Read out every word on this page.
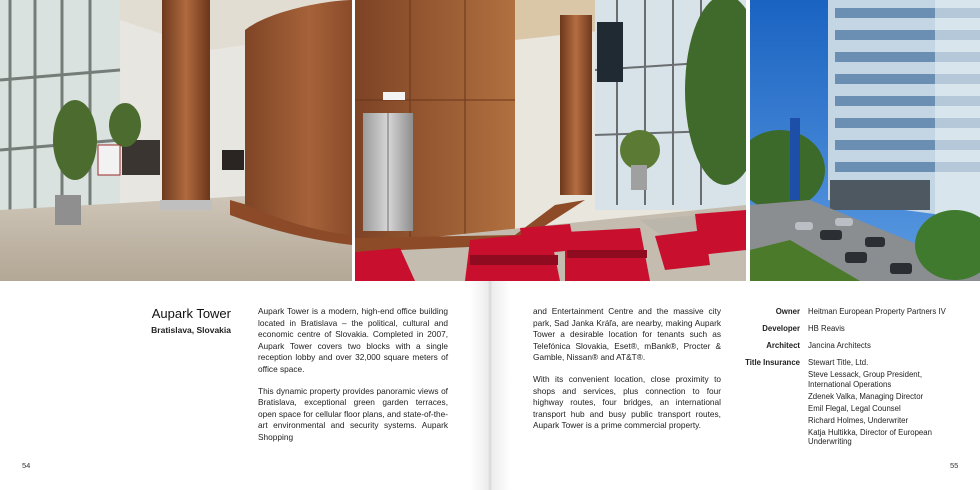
Aupark Tower
Bratislava, Slovakia

Aupark Tower is a modern, high-end office building located in Bratislava – the political, cultural and economic centre of Slovakia. Completed in 2007, Aupark Tower covers two blocks with a single reception lobby and over 32,000 square meters of office space.

This dynamic property provides panoramic views of Bratislava, exceptional green garden terraces, open space for cellular floor plans, and state-of-the-art environmental and security systems. Aupark Shopping

and Entertainment Centre and the massive city park, Sad Janka Kráľa, are nearby, making Aupark Tower a desirable location for tenants such as Telefónica Slovakia, Eset®, mBank®, Procter & Gamble, Nissan® and AT&T®.

With its convenient location, close proximity to shops and services, plus connection to four highway routes, four bridges, an international transport hub and busy public transport routes, Aupark Tower is a prime commercial property.

Owner	Heitman European Property Partners IV
Developer	HB Reavis
Architect	Jancina Architects
Title Insurance	Stewart Title, Ltd.
Steve Lessack, Group President, International Operations
Zdenek Valka, Managing Director
Emil Flegal, Legal Counsel
Richard Holmes, Underwriter
Katja Hultikka, Director of European Underwriting
54	55
